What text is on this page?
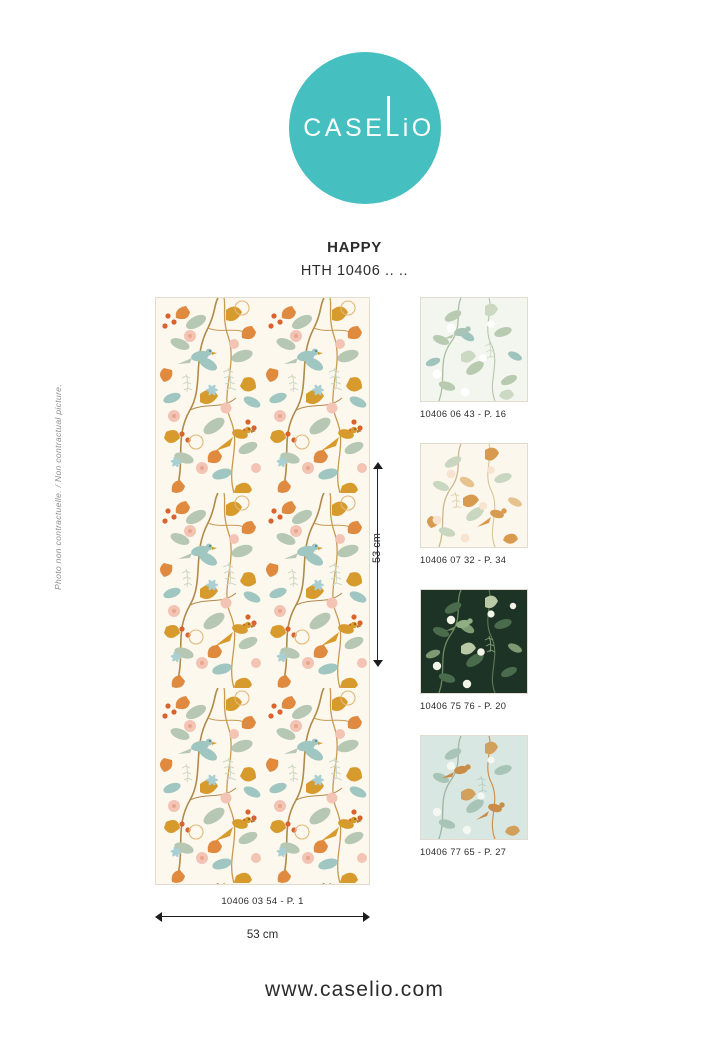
CASELiO
HAPPY
HTH 10406 .. ..
Photo non contractuelle. / Non contractual picture.
10406 03 54 - P. 1
53 cm
53 cm
10406 06 43 - P. 16
10406 07 32 - P. 34
10406 75 76 - P. 20
10406 77 65 - P. 27
www.caselio.com
